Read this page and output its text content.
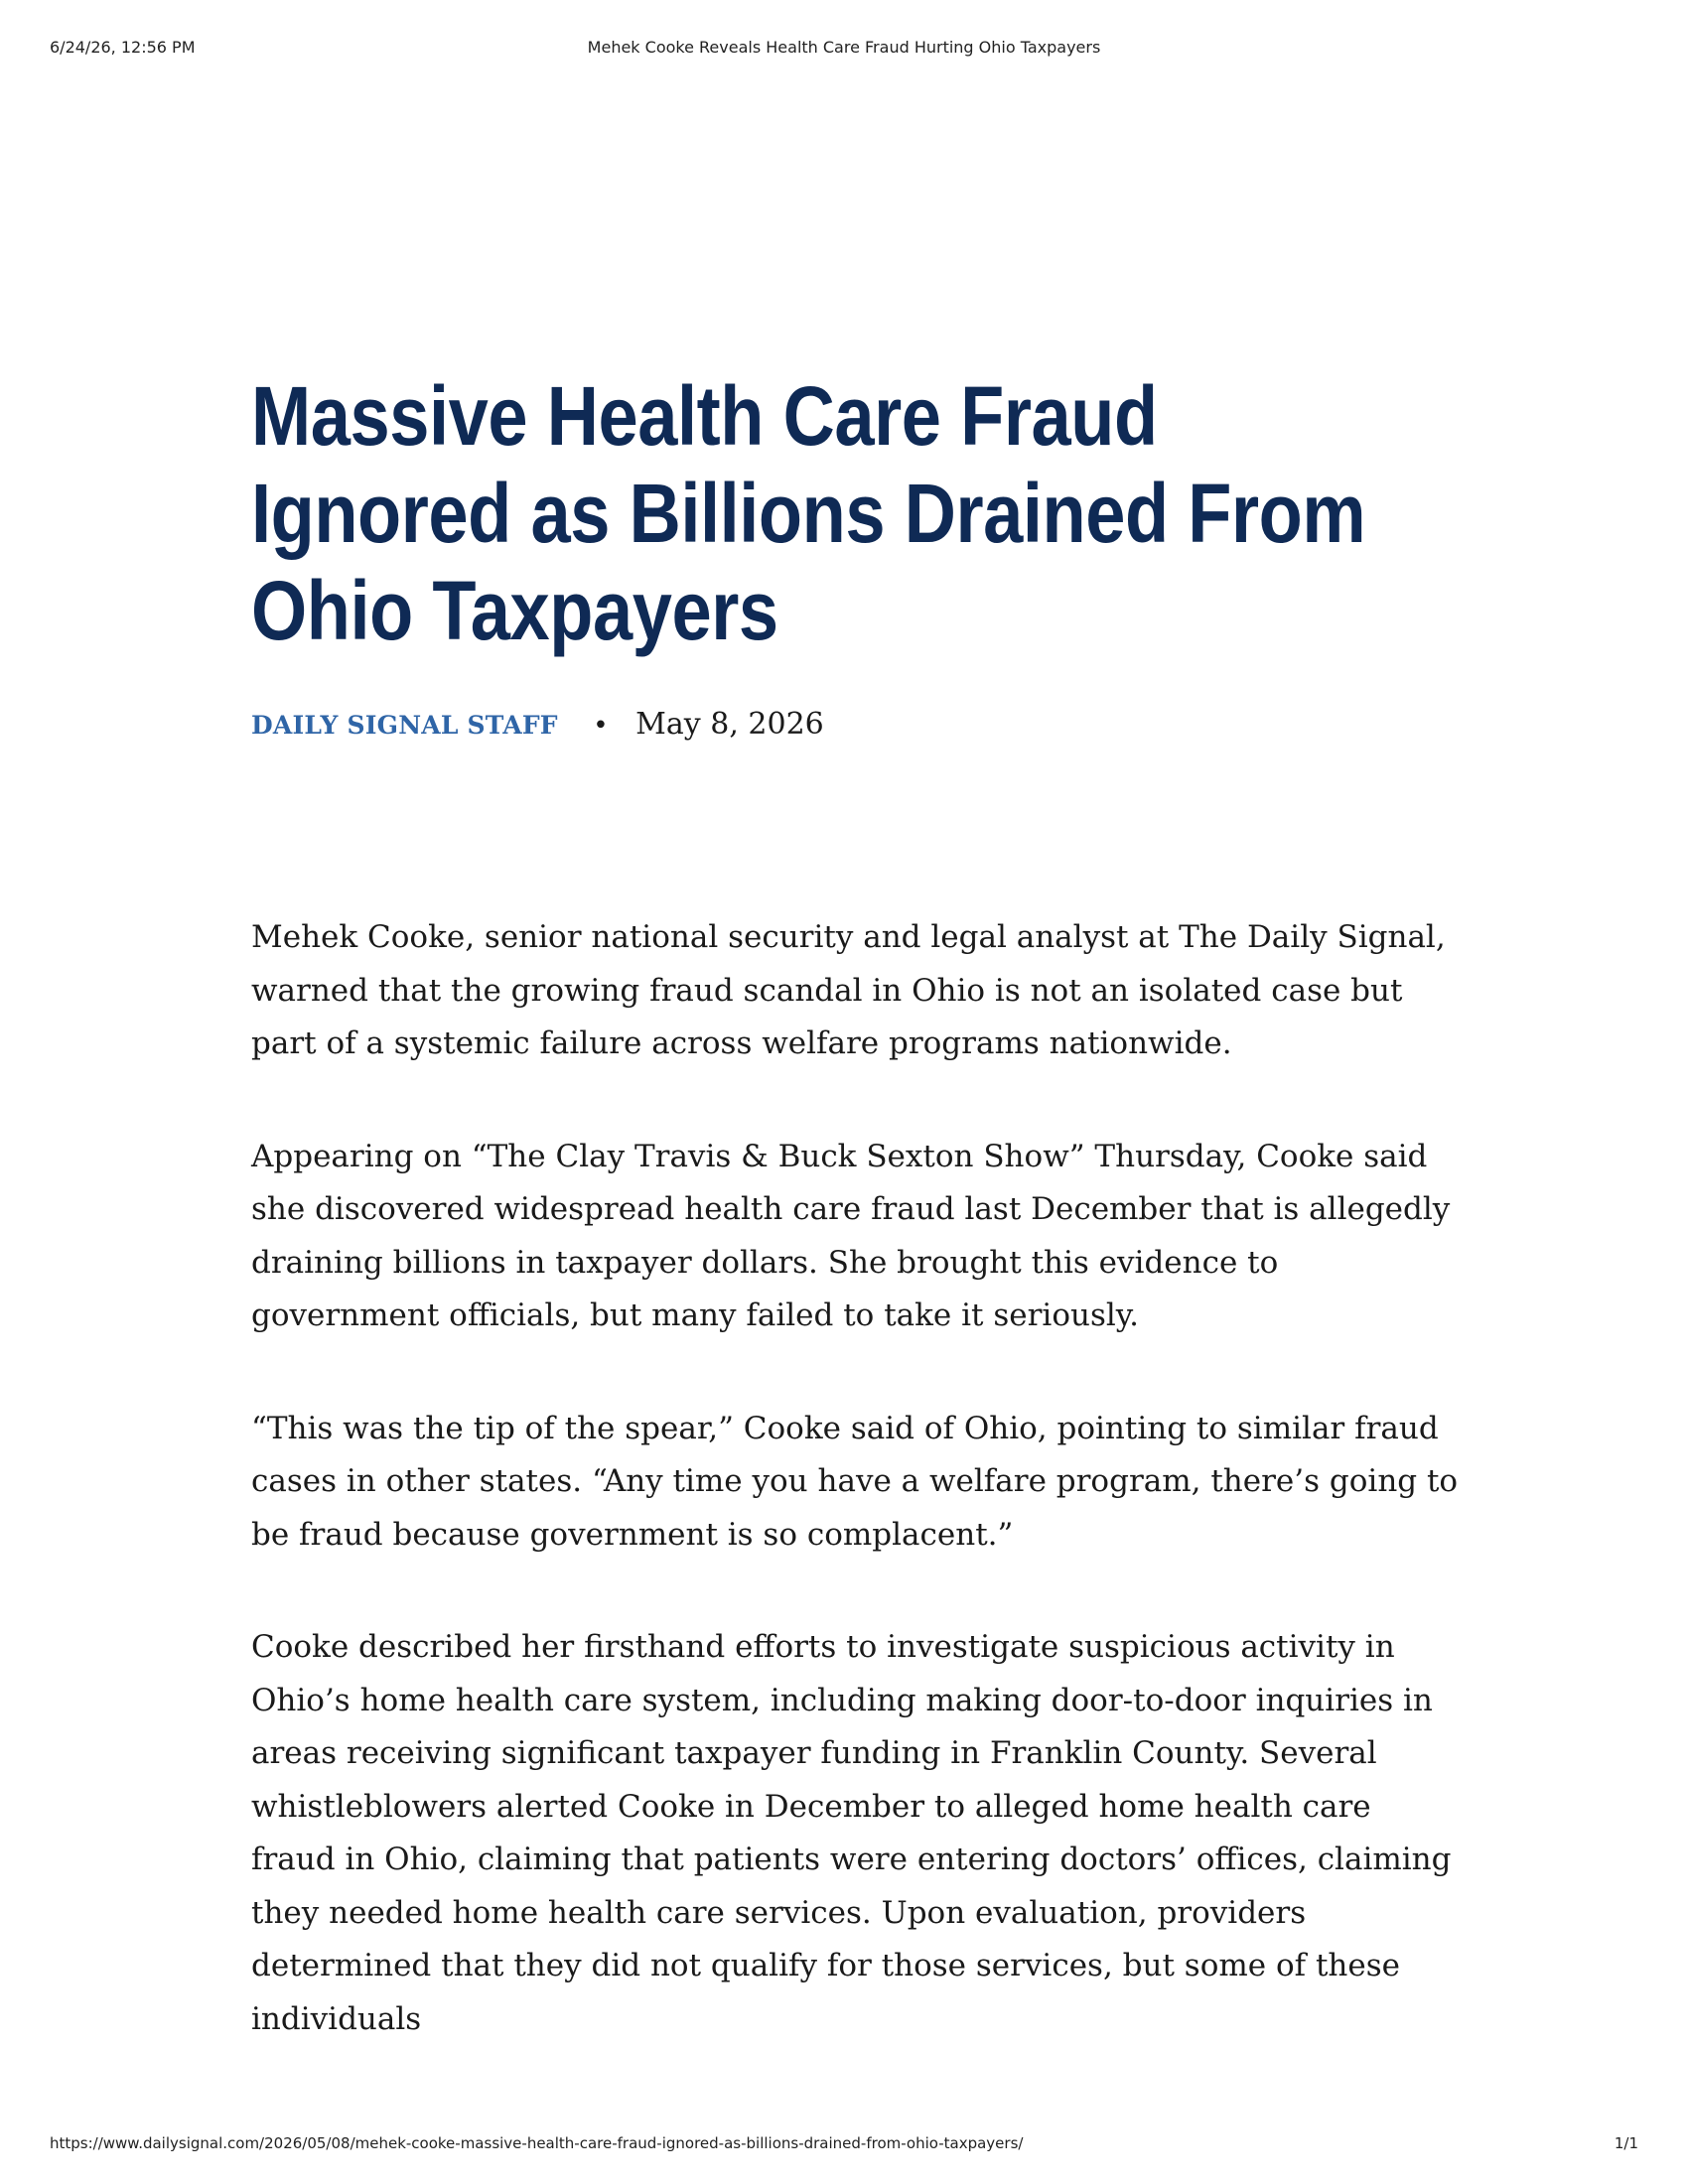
6/24/26, 12:56 PM	Mehek Cooke Reveals Health Care Fraud Hurting Ohio Taxpayers
Massive Health Care Fraud
Ignored as Billions Drained From
Ohio Taxpayers
DAILY SIGNAL STAFF • May 8, 2026

Mehek Cooke, senior national security and legal analyst at The Daily Signal, warned that the growing fraud scandal in Ohio is not an isolated case but part of a systemic failure across welfare programs nationwide.

Appearing on “The Clay Travis & Buck Sexton Show” Thursday, Cooke said she discovered widespread health care fraud last December that is allegedly draining billions in taxpayer dollars. She brought this evidence to government officials, but many failed to take it seriously.

“This was the tip of the spear,” Cooke said of Ohio, pointing to similar fraud cases in other states. “Any time you have a welfare program, there’s going to be fraud because government is so complacent.”

Cooke described her firsthand efforts to investigate suspicious activity in Ohio’s home health care system, including making door-to-door inquiries in areas receiving significant taxpayer funding in Franklin County. Several whistleblowers alerted Cooke in December to alleged home health care fraud in Ohio, claiming that patients were entering doctors’ offices, claiming they needed home health care services. Upon evaluation, providers determined that they did not qualify for those services, but some of these individuals

https://www.dailysignal.com/2026/05/08/mehek-cooke-massive-health-care-fraud-ignored-as-billions-drained-from-ohio-taxpayers/	1/1
